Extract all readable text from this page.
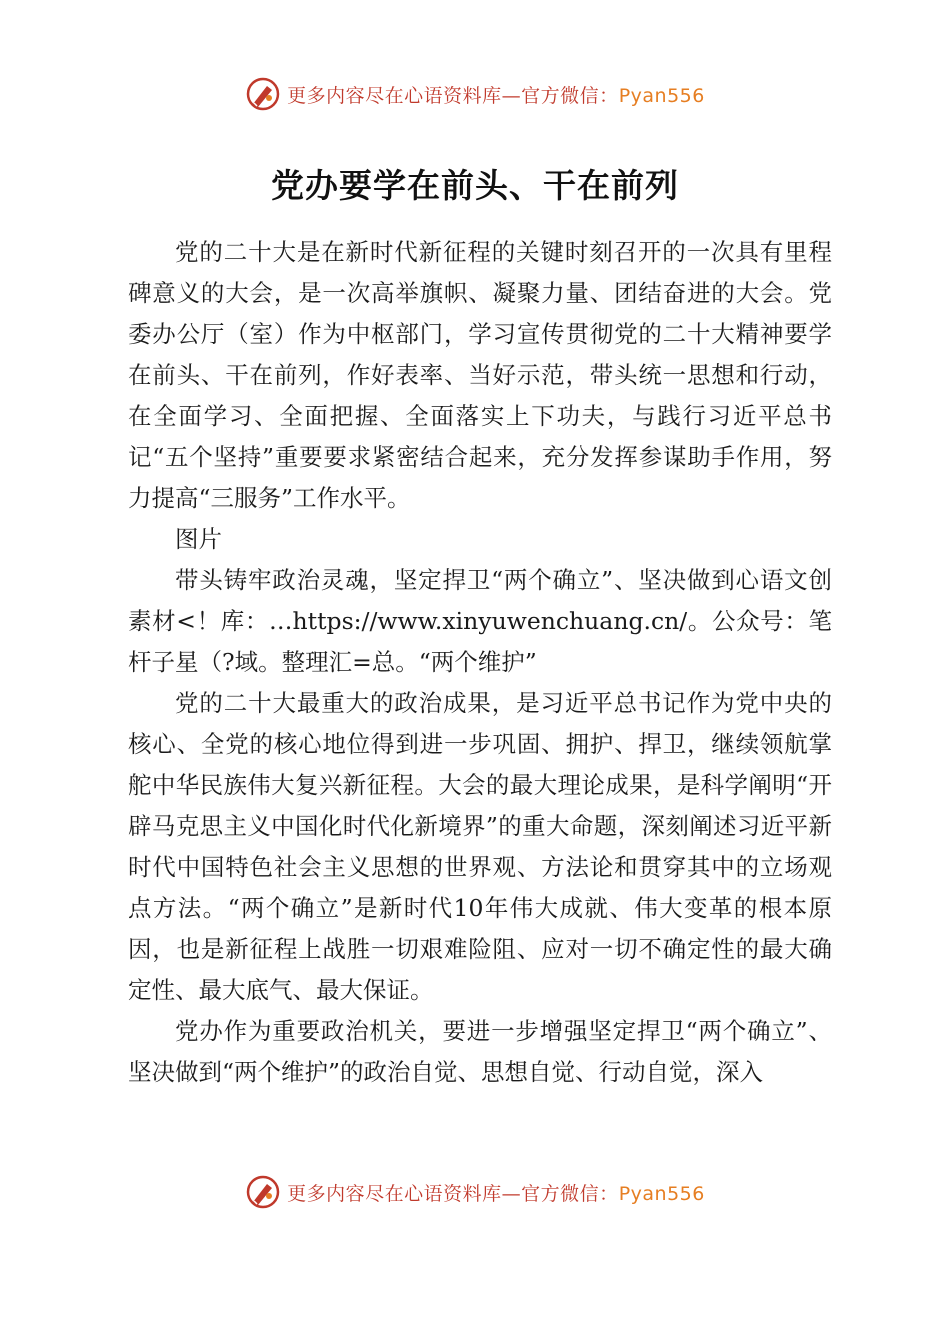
更多内容尽在心语资料库—官方微信：Pyan556
党办要学在前头、干在前列

党的二十大是在新时代新征程的关键时刻召开的一次具有里程碑意义的大会，是一次高举旗帜、凝聚力量、团结奋进的大会。党委办公厅（室）作为中枢部门，学习宣传贯彻党的二十大精神要学在前头、干在前列，作好表率、当好示范，带头统一思想和行动，在全面学习、全面把握、全面落实上下功夫，与践行习近平总书记“五个坚持”重要要求紧密结合起来，充分发挥参谋助手作用，努力提高“三服务”工作水平。

图片

带头铸牢政治灵魂，坚定捍卫“两个确立”、坚决做到心语文创素材<！库：…https://www.xinyuwenchuang.cn/。公众号：笔杆子星（?域。整理汇=总。“两个维护”

党的二十大最重大的政治成果，是习近平总书记作为党中央的核心、全党的核心地位得到进一步巩固、拥护、捍卫，继续领航掌舵中华民族伟大复兴新征程。大会的最大理论成果，是科学阐明“开辟马克思主义中国化时代化新境界”的重大命题，深刻阐述习近平新时代中国特色社会主义思想的世界观、方法论和贯穿其中的立场观点方法。“两个确立”是新时代10年伟大成就、伟大变革的根本原因，也是新征程上战胜一切艰难险阻、应对一切不确定性的最大确定性、最大底气、最大保证。

党办作为重要政治机关，要进一步增强坚定捍卫“两个确立”、坚决做到“两个维护”的政治自觉、思想自觉、行动自觉，深入

更多内容尽在心语资料库—官方微信：Pyan556
